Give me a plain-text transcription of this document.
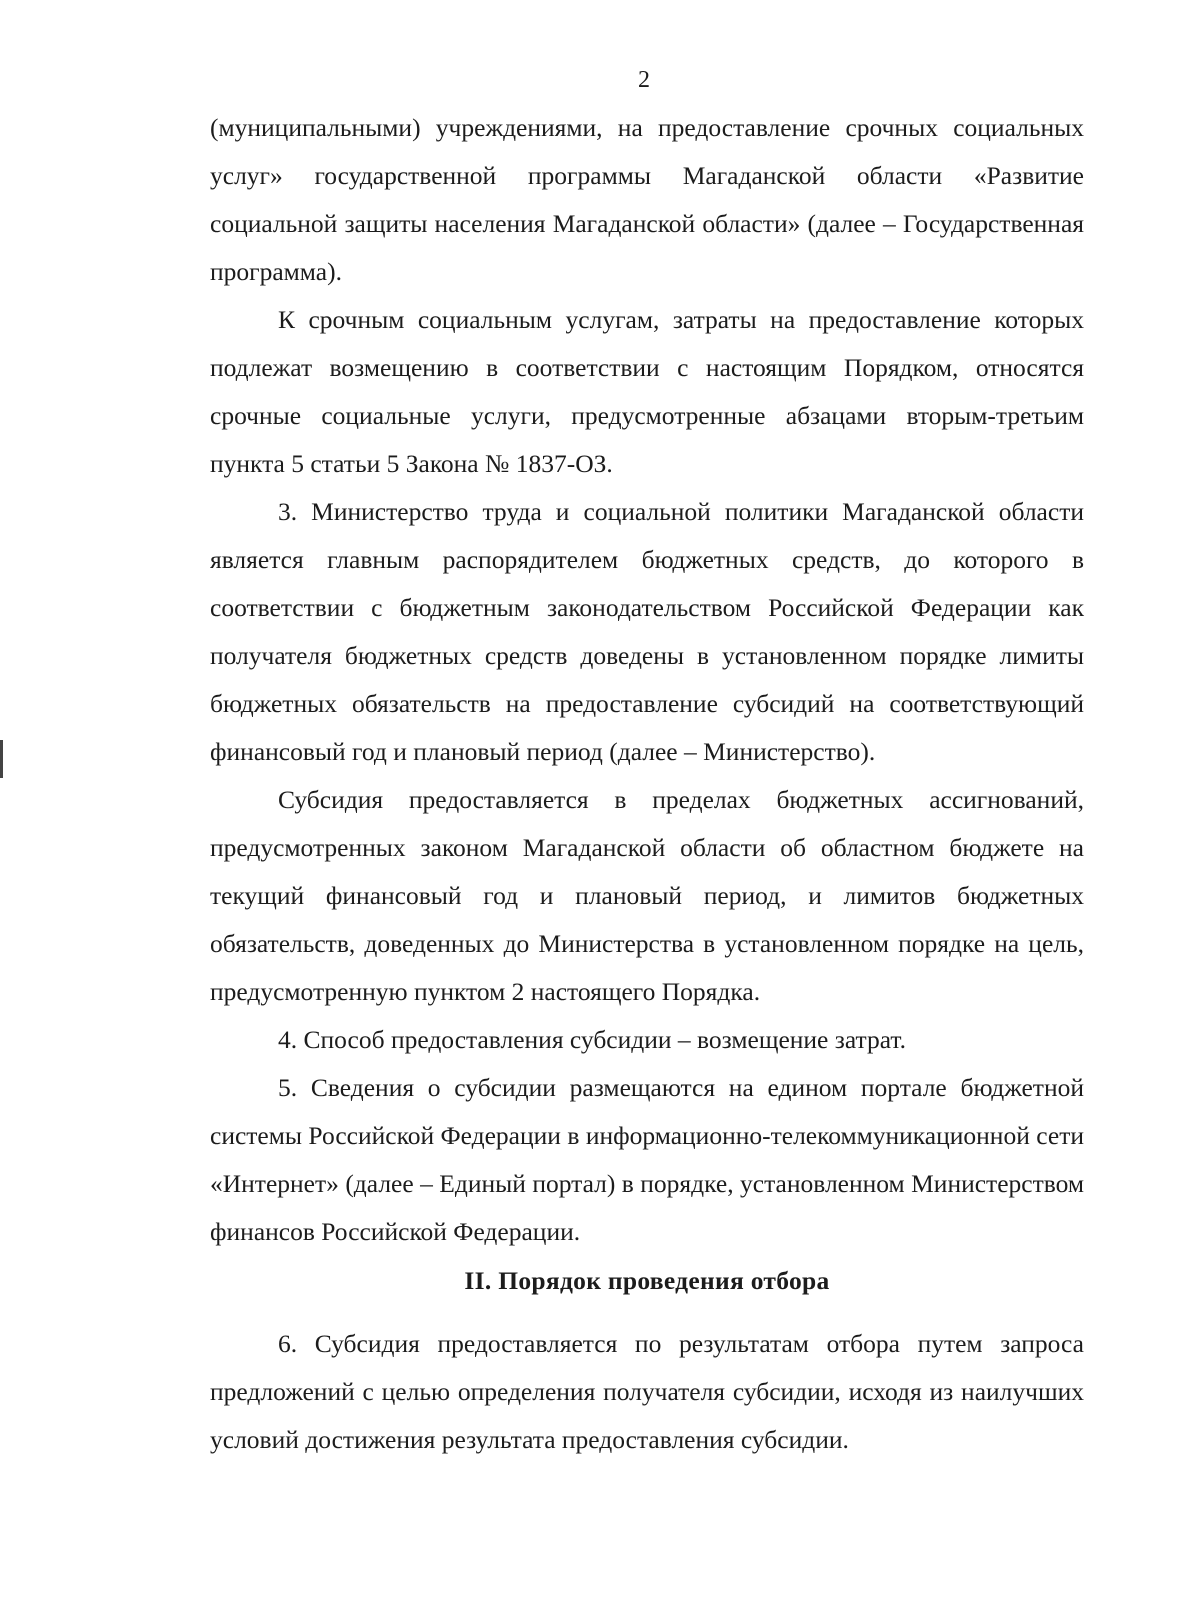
2

(муниципальными) учреждениями, на предоставление срочных социальных услуг» государственной программы Магаданской области «Развитие социальной защиты населения Магаданской области» (далее – Государственная программа).

К срочным социальным услугам, затраты на предоставление которых подлежат возмещению в соответствии с настоящим Порядком, относятся срочные социальные услуги, предусмотренные абзацами вторым-третьим пункта 5 статьи 5 Закона № 1837-ОЗ.

3. Министерство труда и социальной политики Магаданской области является главным распорядителем бюджетных средств, до которого в соответствии с бюджетным законодательством Российской Федерации как получателя бюджетных средств доведены в установленном порядке лимиты бюджетных обязательств на предоставление субсидий на соответствующий финансовый год и плановый период (далее – Министерство).

Субсидия предоставляется в пределах бюджетных ассигнований, предусмотренных законом Магаданской области об областном бюджете на текущий финансовый год и плановый период, и лимитов бюджетных обязательств, доведенных до Министерства в установленном порядке на цель, предусмотренную пунктом 2 настоящего Порядка.

4. Способ предоставления субсидии – возмещение затрат.

5. Сведения о субсидии размещаются на едином портале бюджетной системы Российской Федерации в информационно-телекоммуникационной сети «Интернет» (далее – Единый портал) в порядке, установленном Министерством финансов Российской Федерации.

II. Порядок проведения отбора

6. Субсидия предоставляется по результатам отбора путем запроса предложений с целью определения получателя субсидии, исходя из наилучших условий достижения результата предоставления субсидии.
